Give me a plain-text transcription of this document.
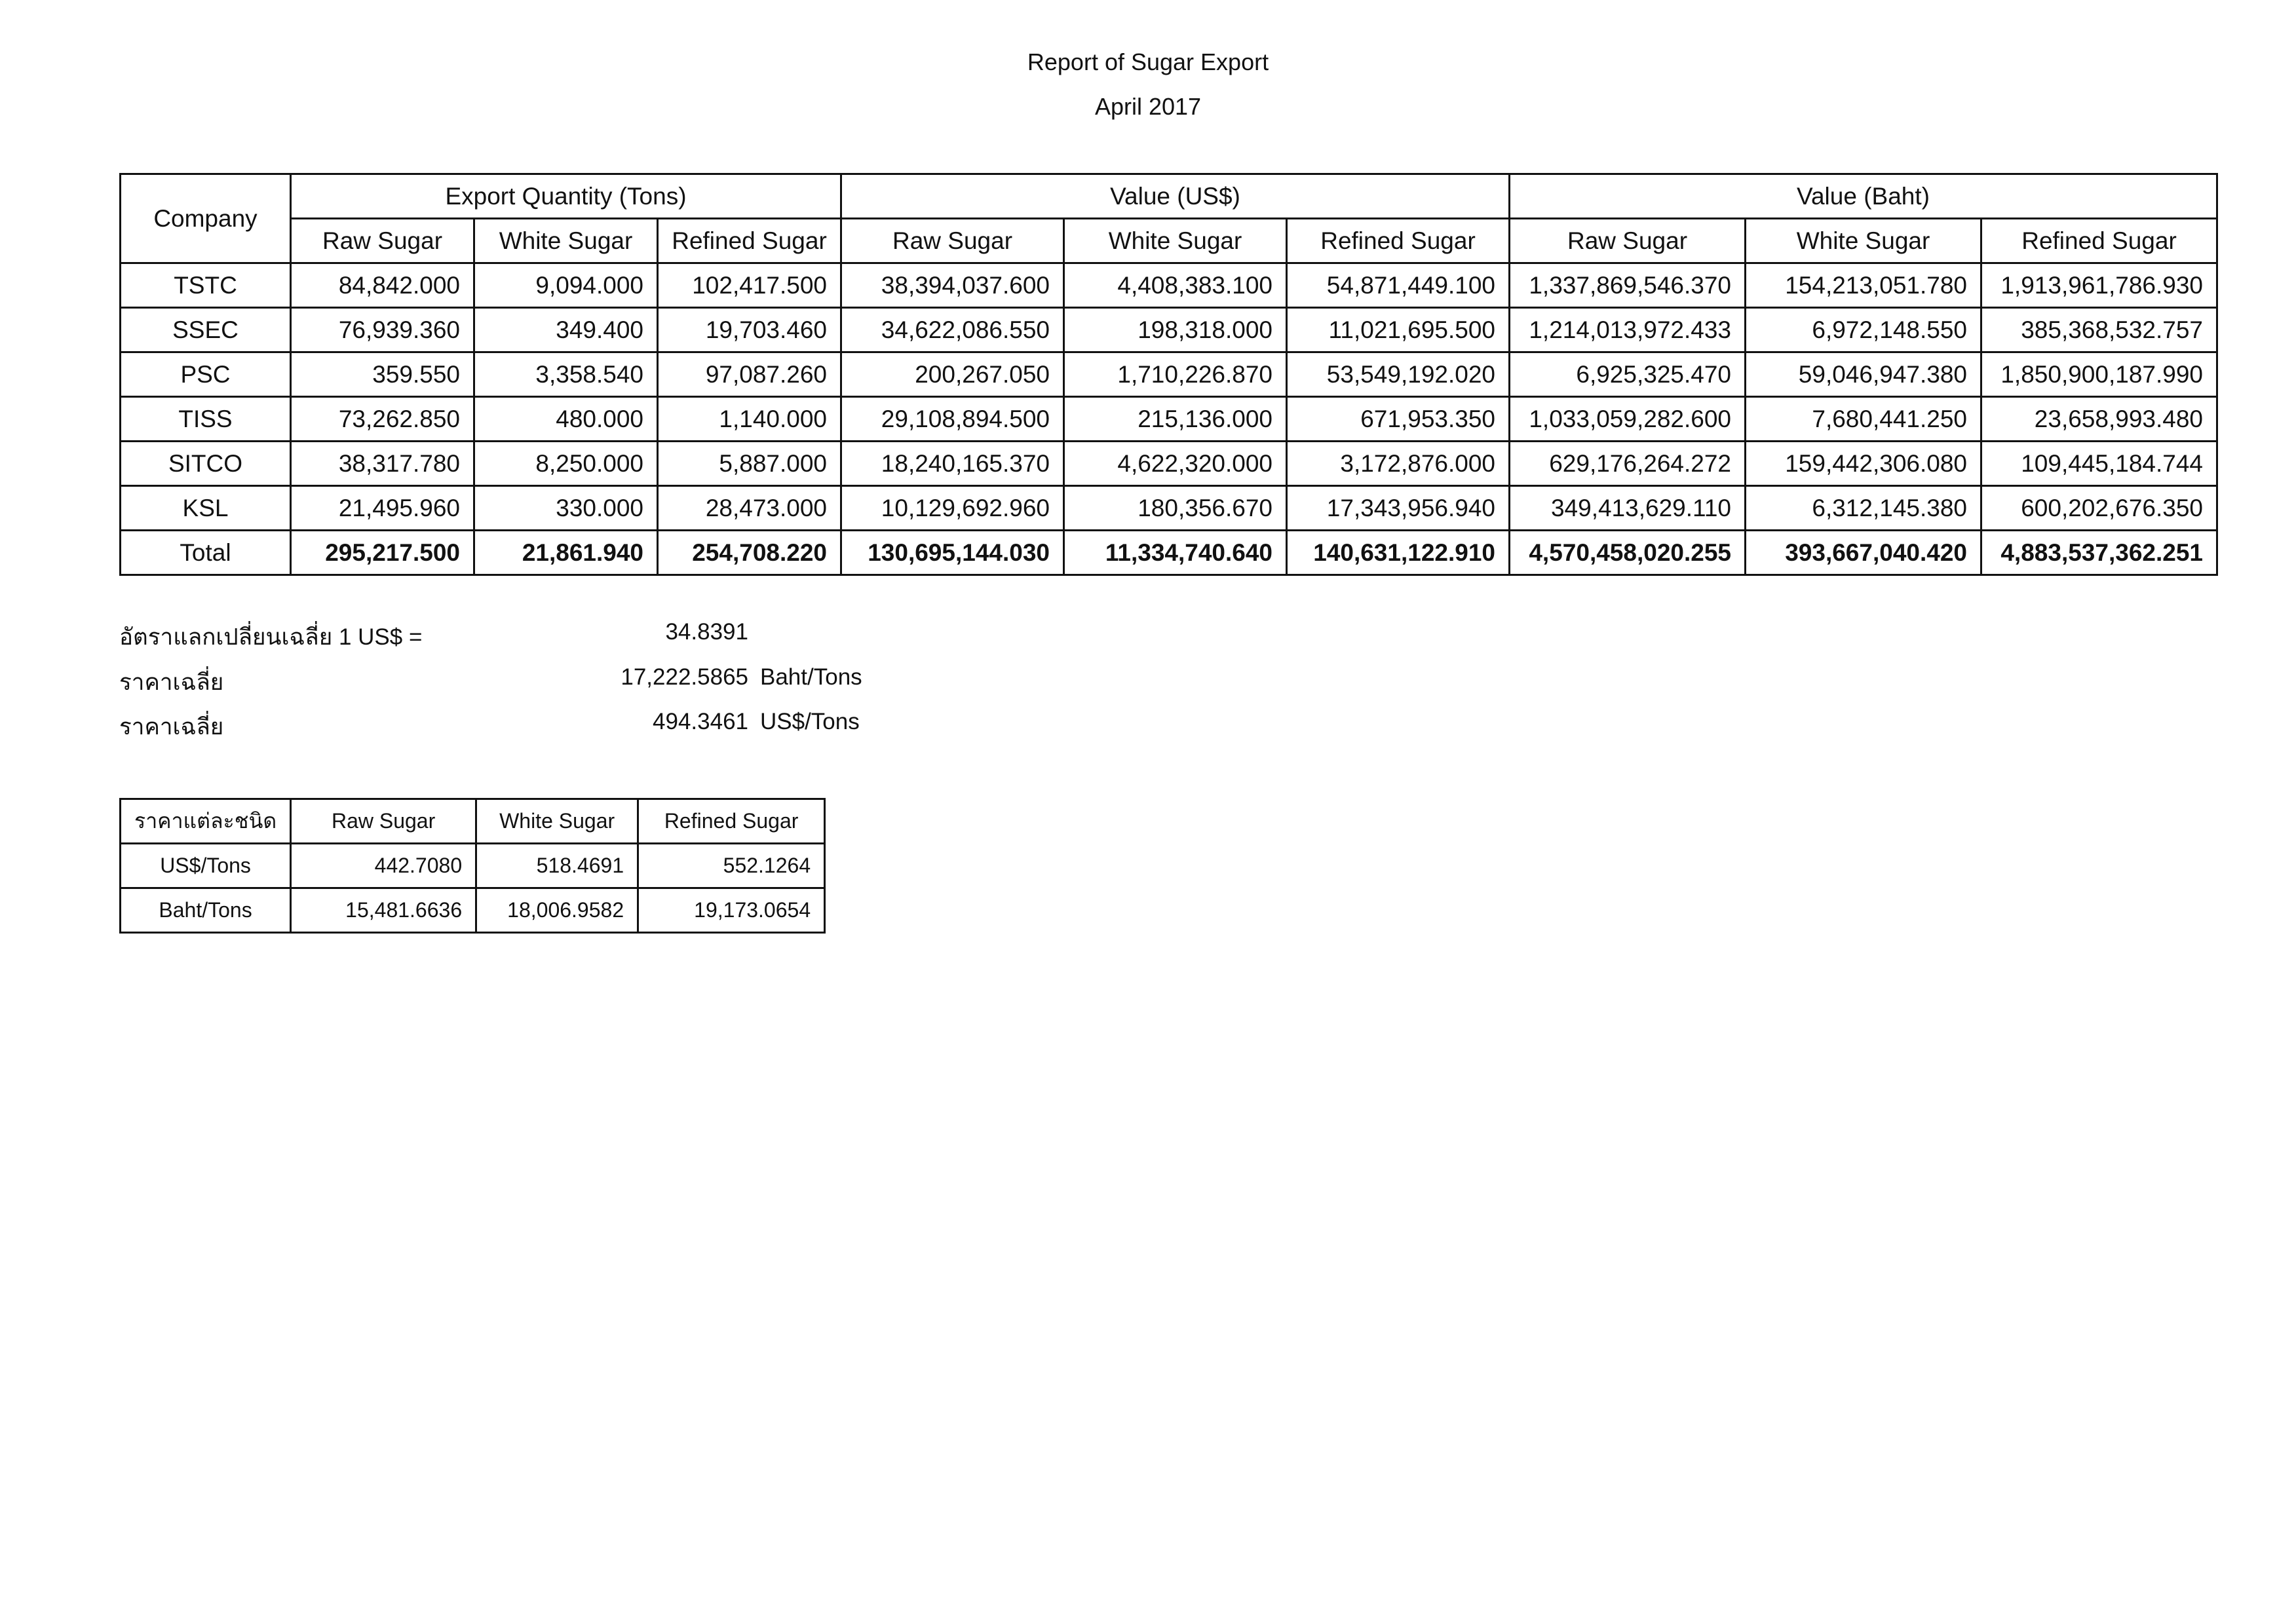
Report of Sugar Export
April 2017
Company	Export Quantity (Tons)			Value (US$)			Value (Baht)		
	Raw Sugar	White Sugar	Refined Sugar	Raw Sugar	White Sugar	Refined Sugar	Raw Sugar	White Sugar	Refined Sugar
TSTC	84,842.000	9,094.000	102,417.500	38,394,037.600	4,408,383.100	54,871,449.100	1,337,869,546.370	154,213,051.780	1,913,961,786.930
SSEC	76,939.360	349.400	19,703.460	34,622,086.550	198,318.000	11,021,695.500	1,214,013,972.433	6,972,148.550	385,368,532.757
PSC	359.550	3,358.540	97,087.260	200,267.050	1,710,226.870	53,549,192.020	6,925,325.470	59,046,947.380	1,850,900,187.990
TISS	73,262.850	480.000	1,140.000	29,108,894.500	215,136.000	671,953.350	1,033,059,282.600	7,680,441.250	23,658,993.480
SITCO	38,317.780	8,250.000	5,887.000	18,240,165.370	4,622,320.000	3,172,876.000	629,176,264.272	159,442,306.080	109,445,184.744
KSL	21,495.960	330.000	28,473.000	10,129,692.960	180,356.670	17,343,956.940	349,413,629.110	6,312,145.380	600,202,676.350
Total	295,217.500	21,861.940	254,708.220	130,695,144.030	11,334,740.640	140,631,122.910	4,570,458,020.255	393,667,040.420	4,883,537,362.251
อัตราแลกเปลี่ยนเฉลี่ย 1 US$ =	34.8391
ราคาเฉลี่ย	17,222.5865 Baht/Tons
ราคาเฉลี่ย	494.3461 US$/Tons
ราคาแต่ละชนิด	Raw Sugar	White Sugar	Refined Sugar
US$/Tons	442.7080	518.4691	552.1264
Baht/Tons	15,481.6636	18,006.9582	19,173.0654
